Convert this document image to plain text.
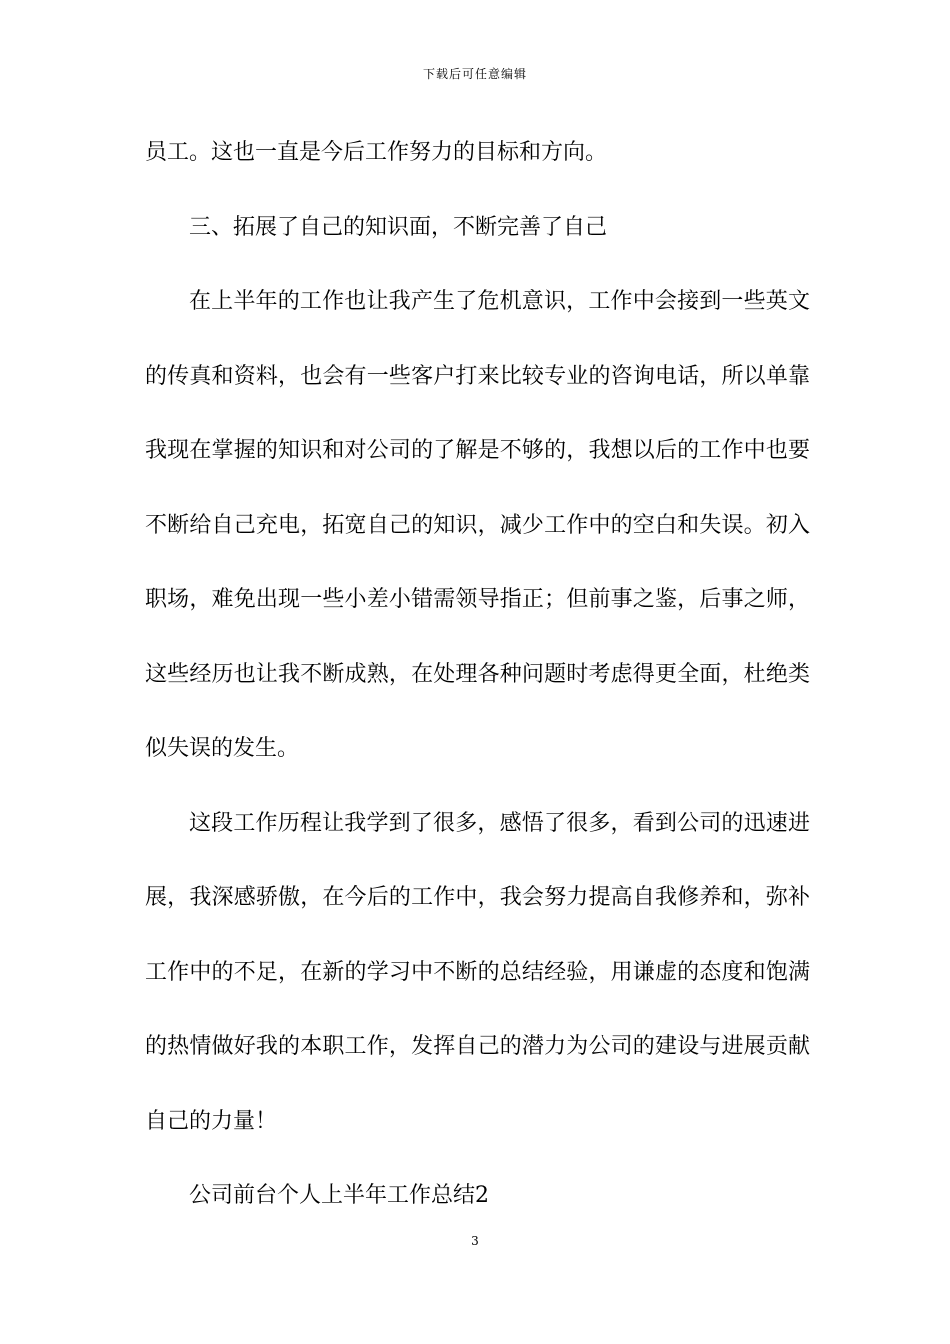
下载后可任意编辑

员工。这也一直是今后工作努力的目标和方向。

三、拓展了自己的知识面，不断完善了自己

在上半年的工作也让我产生了危机意识，工作中会接到一些英文的传真和资料，也会有一些客户打来比较专业的咨询电话，所以单靠我现在掌握的知识和对公司的了解是不够的，我想以后的工作中也要不断给自己充电，拓宽自己的知识，减少工作中的空白和失误。初入职场，难免出现一些小差小错需领导指正；但前事之鉴，后事之师，这些经历也让我不断成熟，在处理各种问题时考虑得更全面，杜绝类似失误的发生。

这段工作历程让我学到了很多，感悟了很多，看到公司的迅速进展，我深感骄傲，在今后的工作中，我会努力提高自我修养和，弥补工作中的不足，在新的学习中不断的总结经验，用谦虚的态度和饱满的热情做好我的本职工作，发挥自己的潜力为公司的建设与进展贡献自己的力量！

公司前台个人上半年工作总结2

3
